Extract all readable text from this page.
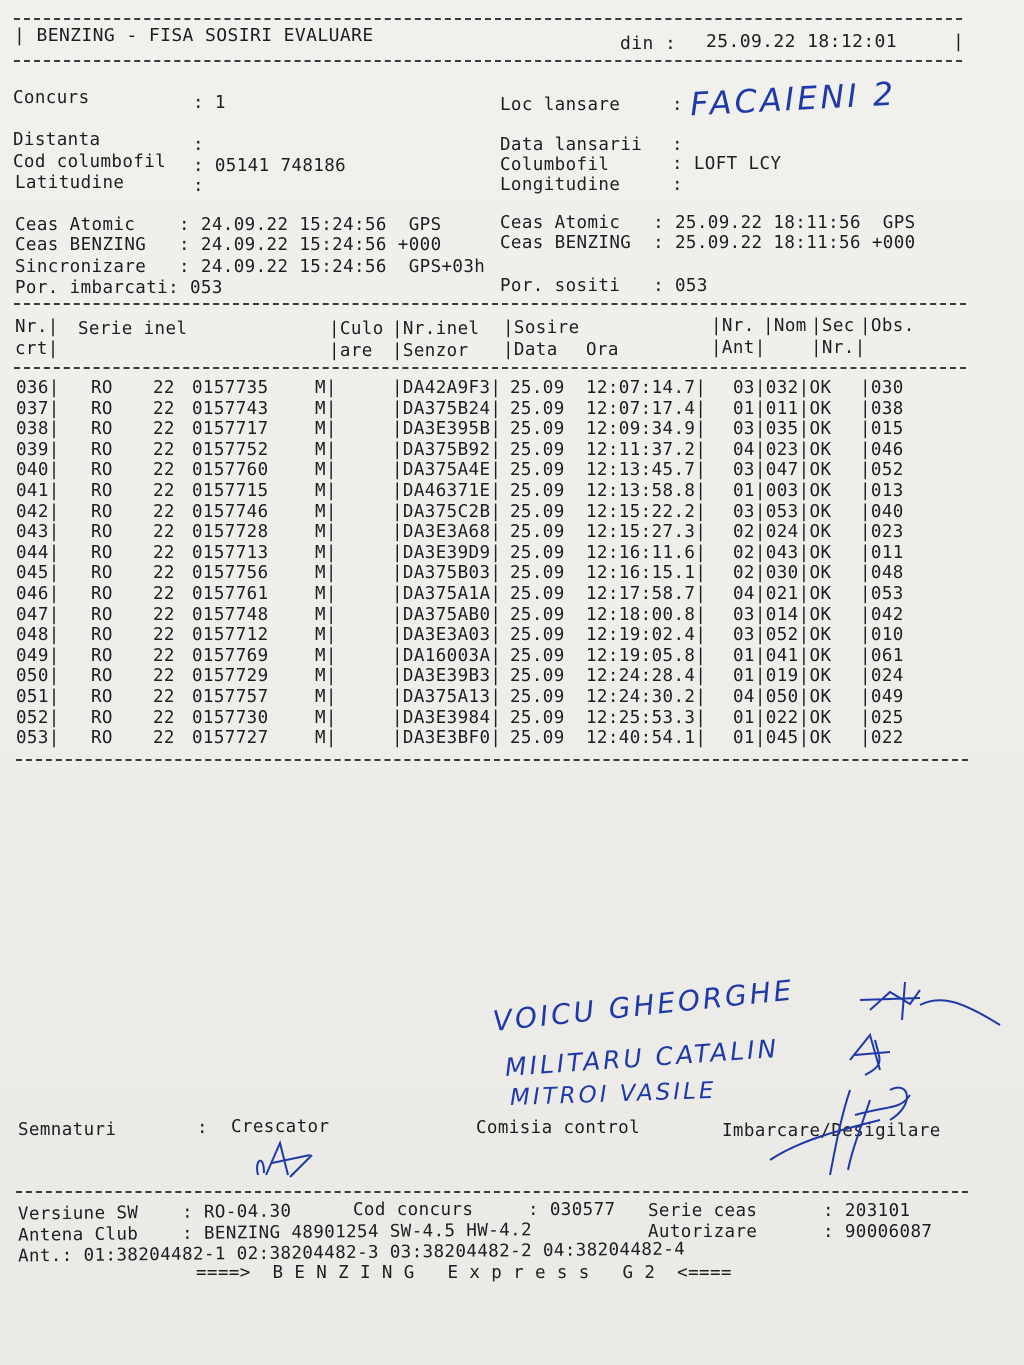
| BENZING - FISA SOSIRI EVALUARE	din : 25.09.22 18:12:01	|
Concurs	: 1	Loc lansare	: FACAIENI 2
Distanta	:
Cod columbofil : 05141 748186
Latitudine	:
Data lansarii :
Columbofil	: LOFT LCY
Longitudine	:
Ceas Atomic    : 24.09.22 15:24:56  GPS	Ceas Atomic   : 25.09.22 18:11:56  GPS
Ceas BENZING   : 24.09.22 15:24:56 +000	Ceas BENZING  : 25.09.22 18:11:56 +000
Sincronizare   : 24.09.22 15:24:56  GPS+03h
Por. imbarcati: 053	Por. sositi   : 053
Nr.| Serie inel	|Culo |Nr.inel |Sosire	|Nr. |Nom |Sec |Obs.
crt|	|are |Senzor |Data Ora	|Ant|	|Nr.|
036| RO 22 0157735	M|	|DA42A9F3| 25.09 12:07:14.7| 03|032|OK |030
037| RO 22 0157743	M|	|DA375B24| 25.09 12:07:17.4| 01|011|OK |038
038| RO 22 0157717	M|	|DA3E395B| 25.09 12:09:34.9| 03|035|OK |015
039| RO 22 0157752	M|	|DA375B92| 25.09 12:11:37.2| 04|023|OK |046
040| RO 22 0157760	M|	|DA375A4E| 25.09 12:13:45.7| 03|047|OK |052
041| RO 22 0157715	M|	|DA46371E| 25.09 12:13:58.8| 01|003|OK |013
042| RO 22 0157746	M|	|DA375C2B| 25.09 12:15:22.2| 03|053|OK |040
043| RO 22 0157728	M|	|DA3E3A68| 25.09 12:15:27.3| 02|024|OK |023
044| RO 22 0157713	M|	|DA3E39D9| 25.09 12:16:11.6| 02|043|OK |011
045| RO 22 0157756	M|	|DA375B03| 25.09 12:16:15.1| 02|030|OK |048
046| RO 22 0157761	M|	|DA375A1A| 25.09 12:17:58.7| 04|021|OK |053
047| RO 22 0157748	M|	|DA375AB0| 25.09 12:18:00.8| 03|014|OK |042
048| RO 22 0157712	M|	|DA3E3A03| 25.09 12:19:02.4| 03|052|OK |010
049| RO 22 0157769	M|	|DA16003A| 25.09 12:19:05.8| 01|041|OK |061
050| RO 22 0157729	M|	|DA3E39B3| 25.09 12:24:28.4| 01|019|OK |024
051| RO 22 0157757	M|	|DA375A13| 25.09 12:24:30.2| 04|050|OK |049
052| RO 22 0157730	M|	|DA3E3984| 25.09 12:25:53.3| 01|022|OK |025
053| RO 22 0157727	M|	|DA3E3BF0| 25.09 12:40:54.1| 01|045|OK |022
VOICU GHEORGHE
MILITARU CATALIN
MITROI VASILE
Semnaturi	: Crescator	Comisia control	Imbarcare/Desigilare
Versiune SW    : RO-04.30	Cod concurs     : 030577 Serie ceas      : 203101
Antena Club    : BENZING 48901254 SW-4.5 HW-4.2	Autorizare      : 90006087
Ant.: 01:38204482-1 02:38204482-3 03:38204482-2 04:38204482-4
====>  B E N Z I N G   E x p r e s s   G 2  <====
